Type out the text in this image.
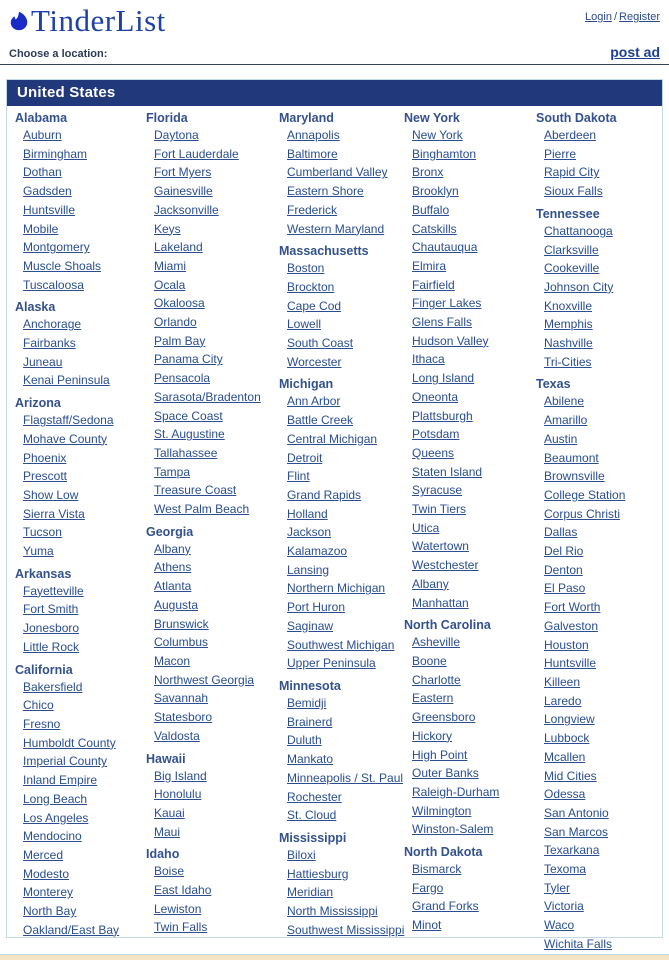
TinderList	Login / Register
Choose a location:	post ad
United States
Alabama
Auburn
Birmingham
Dothan
Gadsden
Huntsville
Mobile
Montgomery
Muscle Shoals
Tuscaloosa
Alaska
Anchorage
Fairbanks
Juneau
Kenai Peninsula
Arizona
Flagstaff/Sedona
Mohave County
Phoenix
Prescott
Show Low
Sierra Vista
Tucson
Yuma
Arkansas
Fayetteville
Fort Smith
Jonesboro
Little Rock
California
Bakersfield
Chico
Fresno
Humboldt County
Imperial County
Inland Empire
Long Beach
Los Angeles
Mendocino
Merced
Modesto
Monterey
North Bay
Oakland/East Bay
Florida
Daytona
Fort Lauderdale
Fort Myers
Gainesville
Jacksonville
Keys
Lakeland
Miami
Ocala
Okaloosa
Orlando
Palm Bay
Panama City
Pensacola
Sarasota/Bradenton
Space Coast
St. Augustine
Tallahassee
Tampa
Treasure Coast
West Palm Beach
Georgia
Albany
Athens
Atlanta
Augusta
Brunswick
Columbus
Macon
Northwest Georgia
Savannah
Statesboro
Valdosta
Hawaii
Big Island
Honolulu
Kauai
Maui
Idaho
Boise
East Idaho
Lewiston
Twin Falls
Maryland
Annapolis
Baltimore
Cumberland Valley
Eastern Shore
Frederick
Western Maryland
Massachusetts
Boston
Brockton
Cape Cod
Lowell
South Coast
Worcester
Michigan
Ann Arbor
Battle Creek
Central Michigan
Detroit
Flint
Grand Rapids
Holland
Jackson
Kalamazoo
Lansing
Northern Michigan
Port Huron
Saginaw
Southwest Michigan
Upper Peninsula
Minnesota
Bemidji
Brainerd
Duluth
Mankato
Minneapolis / St. Paul
Rochester
St. Cloud
Mississippi
Biloxi
Hattiesburg
Meridian
North Mississippi
Southwest Mississippi
New York
New York
Binghamton
Bronx
Brooklyn
Buffalo
Catskills
Chautauqua
Elmira
Fairfield
Finger Lakes
Glens Falls
Hudson Valley
Ithaca
Long Island
Oneonta
Plattsburgh
Potsdam
Queens
Staten Island
Syracuse
Twin Tiers
Utica
Watertown
Westchester
Albany
Manhattan
North Carolina
Asheville
Boone
Charlotte
Eastern
Greensboro
Hickory
High Point
Outer Banks
Raleigh-Durham
Wilmington
Winston-Salem
North Dakota
Bismarck
Fargo
Grand Forks
Minot
South Dakota
Aberdeen
Pierre
Rapid City
Sioux Falls
Tennessee
Chattanooga
Clarksville
Cookeville
Johnson City
Knoxville
Memphis
Nashville
Tri-Cities
Texas
Abilene
Amarillo
Austin
Beaumont
Brownsville
College Station
Corpus Christi
Dallas
Del Rio
Denton
El Paso
Fort Worth
Galveston
Houston
Huntsville
Killeen
Laredo
Longview
Lubbock
Mcallen
Mid Cities
Odessa
San Antonio
San Marcos
Texarkana
Texoma
Tyler
Victoria
Waco
Wichita Falls
